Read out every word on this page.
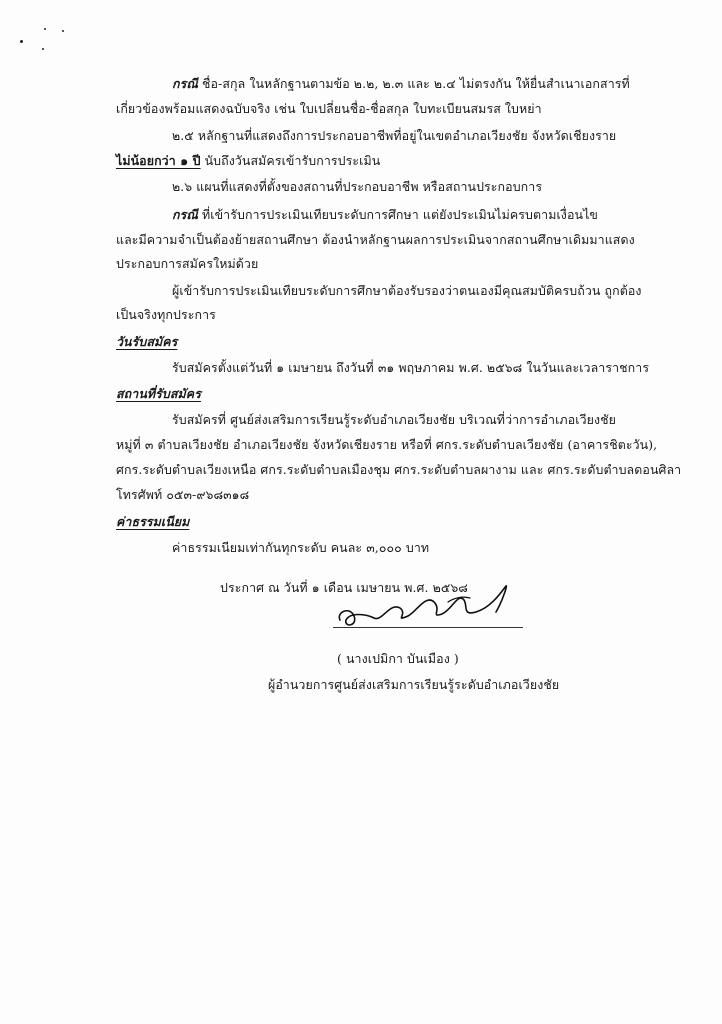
กรณี ชื่อ-สกุล ในหลักฐานตามข้อ ๒.๒, ๒.๓ และ ๒.๔ ไม่ตรงกัน ให้ยื่นสำเนาเอกสารที่
เกี่ยวข้องพร้อมแสดงฉบับจริง เช่น ใบเปลี่ยนชื่อ-ชื่อสกุล ใบทะเบียนสมรส ใบหย่า
๒.๕ หลักฐานที่แสดงถึงการประกอบอาชีพที่อยู่ในเขตอำเภอเวียงชัย จังหวัดเชียงราย
ไม่น้อยกว่า ๑ ปี นับถึงวันสมัครเข้ารับการประเมิน
๒.๖ แผนที่แสดงที่ตั้งของสถานที่ประกอบอาชีพ หรือสถานประกอบการ
กรณี ที่เข้ารับการประเมินเทียบระดับการศึกษา แต่ยังประเมินไม่ครบตามเงื่อนไข
และมีความจำเป็นต้องย้ายสถานศึกษา ต้องนำหลักฐานผลการประเมินจากสถานศึกษาเดิมมาแสดง
ประกอบการสมัครใหม่ด้วย
ผู้เข้ารับการประเมินเทียบระดับการศึกษาต้องรับรองว่าตนเองมีคุณสมบัติครบถ้วน ถูกต้อง
เป็นจริงทุกประการ
วันรับสมัคร
รับสมัครตั้งแต่วันที่ ๑ เมษายน ถึงวันที่ ๓๑ พฤษภาคม พ.ศ. ๒๕๖๘ ในวันและเวลาราชการ
สถานที่รับสมัคร
รับสมัครที่ ศูนย์ส่งเสริมการเรียนรู้ระดับอำเภอเวียงชัย บริเวณที่ว่าการอำเภอเวียงชัย
หมู่ที่ ๓ ตำบลเวียงชัย อำเภอเวียงชัย จังหวัดเชียงราย หรือที่ ศกร.ระดับตำบลเวียงชัย (อาคารชิตะวัน),
ศกร.ระดับตำบลเวียงเหนือ ศกร.ระดับตำบลเมืองชุม ศกร.ระดับตำบลผางาม และ ศกร.ระดับตำบลดอนศิลา
โทรศัพท์ ๐๕๓-๙๖๘๓๑๘
ค่าธรรมเนียม
ค่าธรรมเนียมเท่ากันทุกระดับ คนละ ๓,๐๐๐ บาท
ประกาศ ณ วันที่ ๑ เดือน เมษายน พ.ศ. ๒๕๖๘
( นางเปมิกา บันเมือง )
ผู้อำนวยการศูนย์ส่งเสริมการเรียนรู้ระดับอำเภอเวียงชัย
